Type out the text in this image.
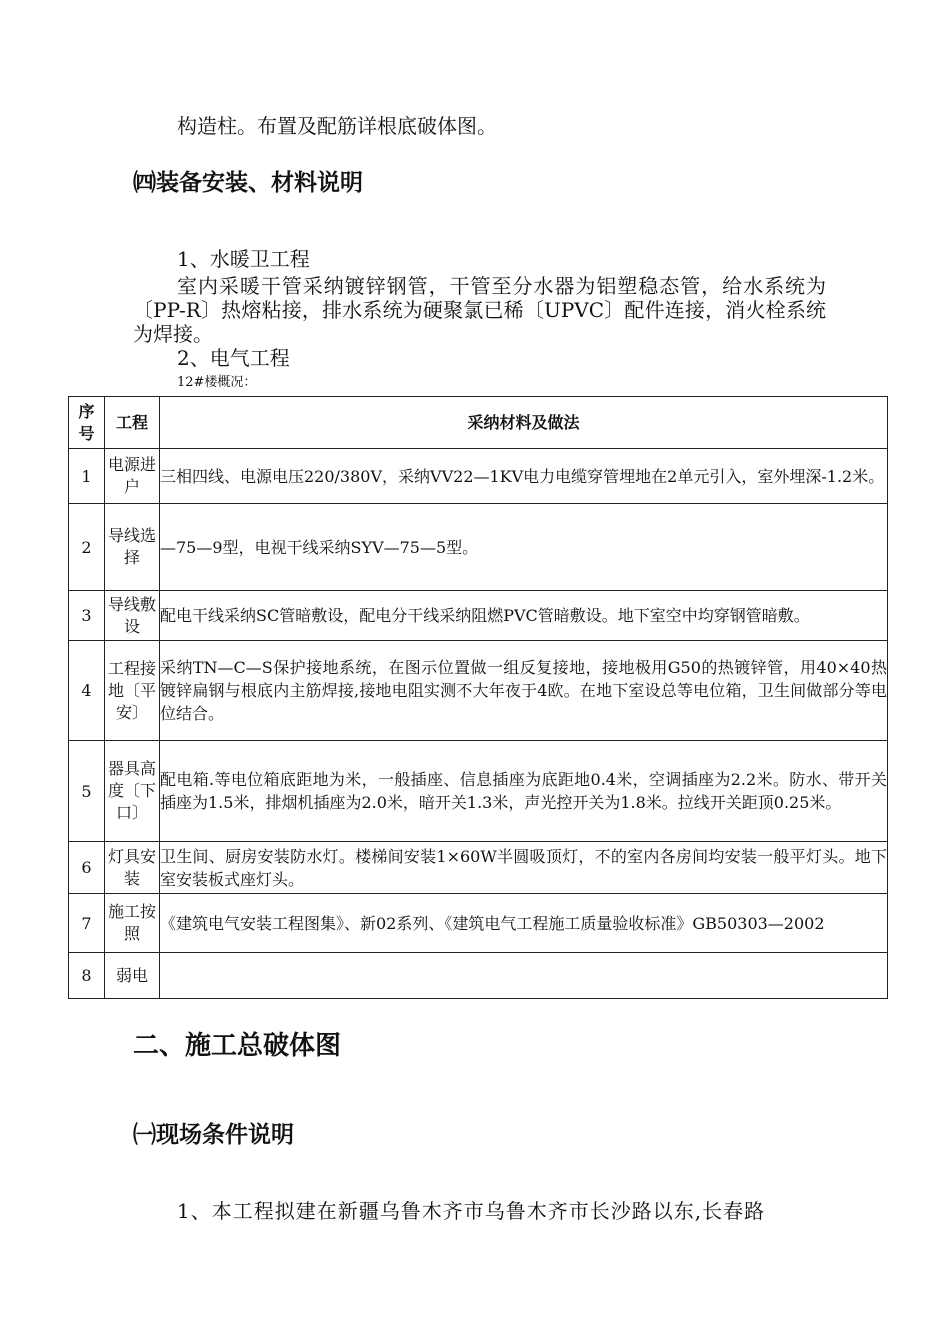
构造柱。布置及配筋详根底破体图。
㈣装备安装、材料说明
1、水暖卫工程
室内采暖干管采纳镀锌钢管，干管至分水器为铝塑稳态管，给水系统为〔PP-R〕热熔粘接，排水系统为硬聚氯已稀〔UPVC〕配件连接，消火栓系统为焊接。
2、电气工程
12#楼概况：
序号	工程	采纳材料及做法
1	电源进户	三相四线、电源电压220/380V，采纳VV22—1KV电力电缆穿管埋地在2单元引入，室外埋深-1.2米。
2	导线选择	—75—9型，电视干线采纳SYV—75—5型。
3	导线敷设	配电干线采纳SC管暗敷设，配电分干线采纳阻燃PVC管暗敷设。地下室空中均穿钢管暗敷。
4	工程接地〔平安〕	采纳TN—C—S保护接地系统，在图示位置做一组反复接地，接地极用G50的热镀锌管，用40×40热镀锌扁钢与根底内主筋焊接,接地电阻实测不大年夜于4欧。在地下室设总等电位箱，卫生间做部分等电位结合。
5	器具高度〔下口〕	配电箱.等电位箱底距地为米，一般插座、信息插座为底距地0.4米，空调插座为2.2米。防水、带开关插座为1.5米，排烟机插座为2.0米，暗开关1.3米，声光控开关为1.8米。拉线开关距顶0.25米。
6	灯具安装	卫生间、厨房安装防水灯。楼梯间安装1×60W半圆吸顶灯，不的室内各房间均安装一般平灯头。地下室安装板式座灯头。
7	施工按照	《建筑电气安装工程图集》、新02系列、《建筑电气工程施工质量验收标准》GB50303—2002
8	弱电	
二、施工总破体图
㈠现场条件说明
1、本工程拟建在新疆乌鲁木齐市乌鲁木齐市长沙路以东,长春路
